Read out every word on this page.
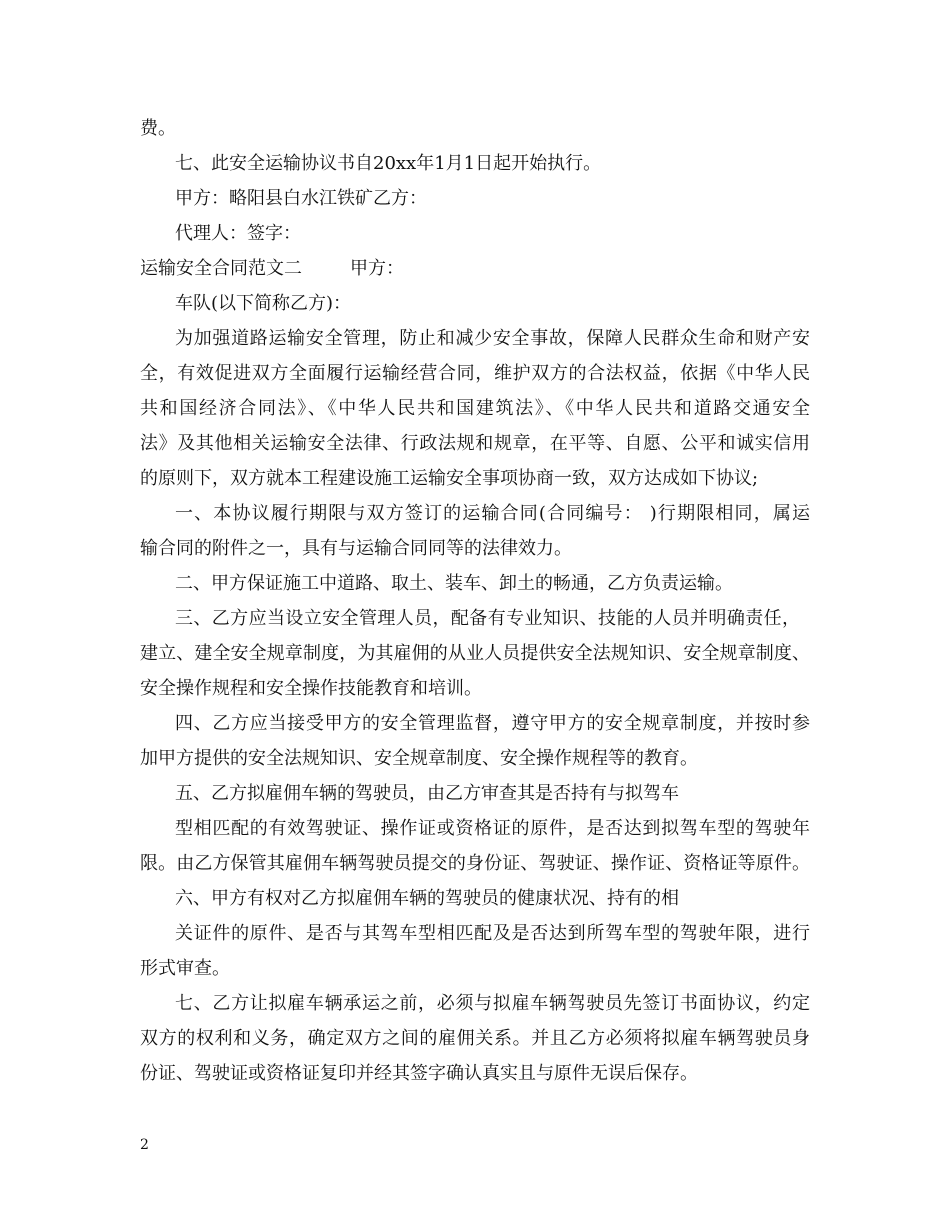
费。
七、此安全运输协议书自20xx年1月1日起开始执行。
甲方：略阳县白水江铁矿乙方：
代理人：签字：
运输安全合同范文二	甲方：
车队(以下简称乙方)：
为加强道路运输安全管理，防止和减少安全事故，保障人民群众生命和财产安
全，有效促进双方全面履行运输经营合同，维护双方的合法权益，依据《中华人民
共和国经济合同法》、《中华人民共和国建筑法》、《中华人民共和道路交通安全
法》及其他相关运输安全法律、行政法规和规章，在平等、自愿、公平和诚实信用
的原则下，双方就本工程建设施工运输安全事项协商一致，双方达成如下协议;
一、本协议履行期限与双方签订的运输合同(合同编号： )行期限相同，属运
输合同的附件之一，具有与运输合同同等的法律效力。
二、甲方保证施工中道路、取土、装车、卸土的畅通，乙方负责运输。
三、乙方应当设立安全管理人员，配备有专业知识、技能的人员并明确责任，
建立、建全安全规章制度，为其雇佣的从业人员提供安全法规知识、安全规章制度、
安全操作规程和安全操作技能教育和培训。
四、乙方应当接受甲方的安全管理监督，遵守甲方的安全规章制度，并按时参
加甲方提供的安全法规知识、安全规章制度、安全操作规程等的教育。
五、乙方拟雇佣车辆的驾驶员，由乙方审查其是否持有与拟驾车
型相匹配的有效驾驶证、操作证或资格证的原件，是否达到拟驾车型的驾驶年
限。由乙方保管其雇佣车辆驾驶员提交的身份证、驾驶证、操作证、资格证等原件。
六、甲方有权对乙方拟雇佣车辆的驾驶员的健康状况、持有的相
关证件的原件、是否与其驾车型相匹配及是否达到所驾车型的驾驶年限，进行
形式审查。
七、乙方让拟雇车辆承运之前，必须与拟雇车辆驾驶员先签订书面协议，约定
双方的权利和义务，确定双方之间的雇佣关系。并且乙方必须将拟雇车辆驾驶员身
份证、驾驶证或资格证复印并经其签字确认真实且与原件无误后保存。
2
